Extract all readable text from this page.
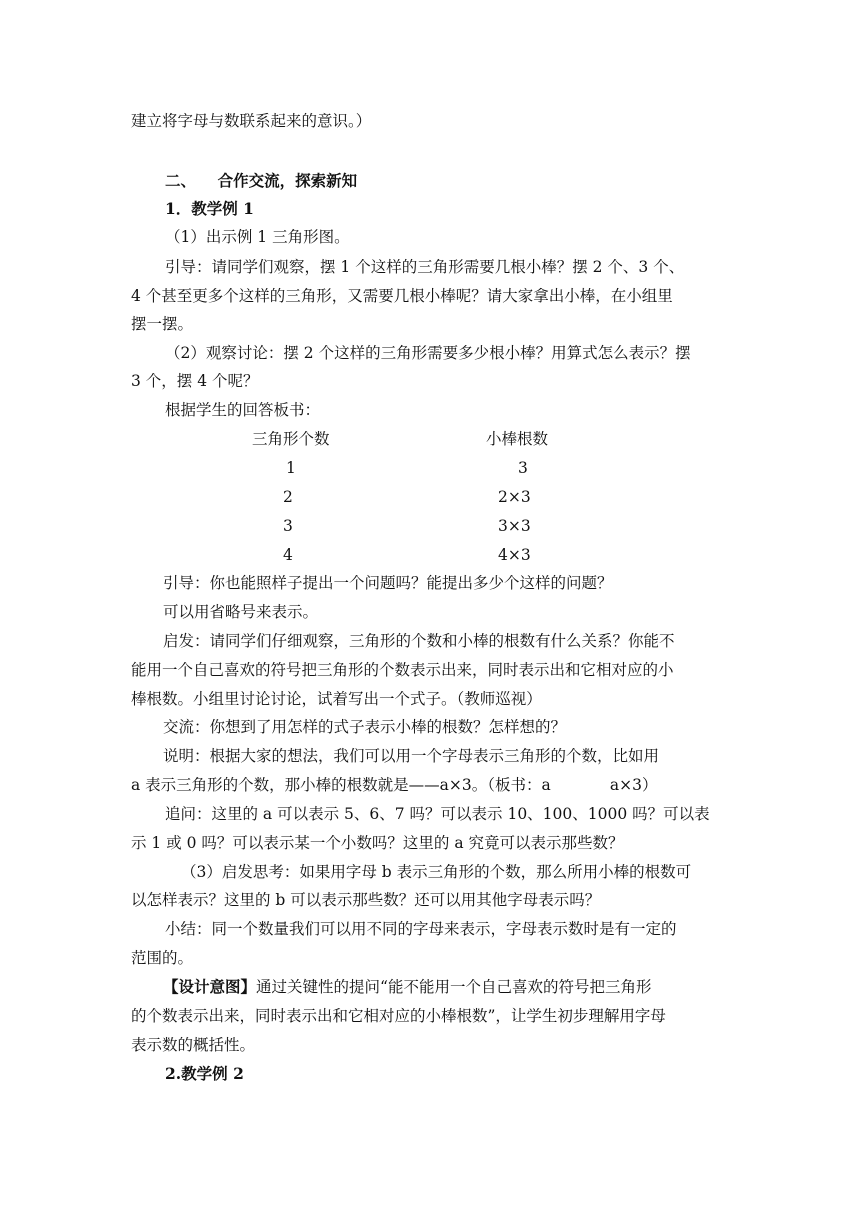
建立将字母与数联系起来的意识。）
二、    合作交流，探索新知
1．教学例 1
（1）出示例 1 三角形图。
引导：请同学们观察，摆 1 个这样的三角形需要几根小棒？摆 2 个、3 个、
4 个甚至更多个这样的三角形，又需要几根小棒呢？请大家拿出小棒，在小组里
摆一摆。
（2）观察讨论：摆 2 个这样的三角形需要多少根小棒？用算式怎么表示？摆
3 个，摆 4 个呢？
根据学生的回答板书：
三角形个数	小棒根数
1	3
2	2×3
3	3×3
4	4×3
引导：你也能照样子提出一个问题吗？能提出多少个这样的问题？
可以用省略号来表示。
启发：请同学们仔细观察，三角形的个数和小棒的根数有什么关系？你能不
能用一个自己喜欢的符号把三角形的个数表示出来，同时表示出和它相对应的小
棒根数。小组里讨论讨论，试着写出一个式子。（教师巡视）
交流：你想到了用怎样的式子表示小棒的根数？怎样想的？
说明：根据大家的想法，我们可以用一个字母表示三角形的个数，比如用
a 表示三角形的个数，那小棒的根数就是——a×3。（板书：a            a×3）
追问：这里的 a 可以表示 5、6、7 吗？可以表示 10、100、1000 吗？可以表
示 1 或 0 吗？可以表示某一个小数吗？这里的 a 究竟可以表示那些数？
（3）启发思考：如果用字母 b 表示三角形的个数，那么所用小棒的根数可
以怎样表示？这里的 b 可以表示那些数？还可以用其他字母表示吗？
小结：同一个数量我们可以用不同的字母来表示，字母表示数时是有一定的
范围的。
【设计意图】通过关键性的提问“能不能用一个自己喜欢的符号把三角形
的个数表示出来，同时表示出和它相对应的小棒根数”，让学生初步理解用字母
表示数的概括性。
2.教学例 2
